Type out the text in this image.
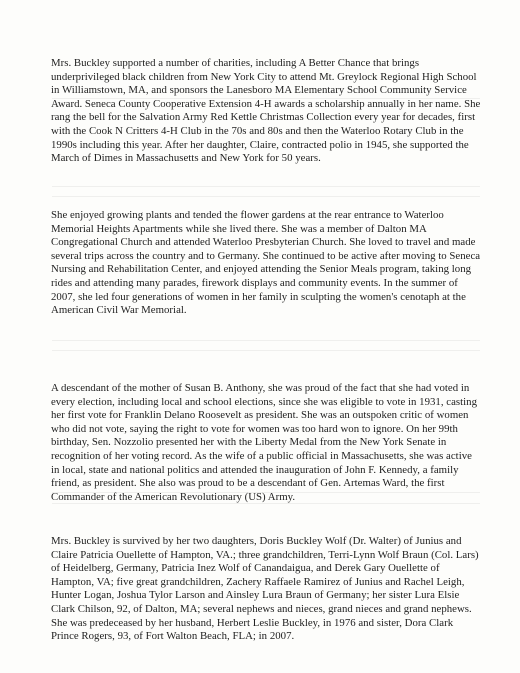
Mrs. Buckley supported a number of charities, including A Better Chance that brings underprivileged black children from New York City to attend Mt. Greylock Regional High School in Williamstown, MA, and sponsors the Lanesboro MA Elementary School Community Service Award. Seneca County Cooperative Extension 4-H awards a scholarship annually in her name. She rang the bell for the Salvation Army Red Kettle Christmas Collection every year for decades, first with the Cook N Critters 4-H Club in the 70s and 80s and then the Waterloo Rotary Club in the 1990s including this year. After her daughter, Claire, contracted polio in 1945, she supported the March of Dimes in Massachusetts and New York for 50 years.

She enjoyed growing plants and tended the flower gardens at the rear entrance to Waterloo Memorial Heights Apartments while she lived there. She was a member of Dalton MA Congregational Church and attended Waterloo Presbyterian Church. She loved to travel and made several trips across the country and to Germany. She continued to be active after moving to Seneca Nursing and Rehabilitation Center, and enjoyed attending the Senior Meals program, taking long rides and attending many parades, firework displays and community events. In the summer of 2007, she led four generations of women in her family in sculpting the women's cenotaph at the American Civil War Memorial.

A descendant of the mother of Susan B. Anthony, she was proud of the fact that she had voted in every election, including local and school elections, since she was eligible to vote in 1931, casting her first vote for Franklin Delano Roosevelt as president. She was an outspoken critic of women who did not vote, saying the right to vote for women was too hard won to ignore. On her 99th birthday, Sen. Nozzolio presented her with the Liberty Medal from the New York Senate in recognition of her voting record. As the wife of a public official in Massachusetts, she was active in local, state and national politics and attended the inauguration of John F. Kennedy, a family friend, as president. She also was proud to be a descendant of Gen. Artemas Ward, the first Commander of the American Revolutionary (US) Army.

Mrs. Buckley is survived by her two daughters, Doris Buckley Wolf (Dr. Walter) of Junius and Claire Patricia Ouellette of Hampton, VA.; three grandchildren, Terri-Lynn Wolf Braun (Col. Lars) of Heidelberg, Germany, Patricia Inez Wolf of Canandaigua, and Derek Gary Ouellette of Hampton, VA; five great grandchildren, Zachery Raffaele Ramirez of Junius and Rachel Leigh, Hunter Logan, Joshua Tylor Larson and Ainsley Lura Braun of Germany; her sister Lura Elsie Clark Chilson, 92, of Dalton, MA; several nephews and nieces, grand nieces and grand nephews. She was predeceased by her husband, Herbert Leslie Buckley, in 1976 and sister, Dora Clark Prince Rogers, 93, of Fort Walton Beach, FLA; in 2007.
